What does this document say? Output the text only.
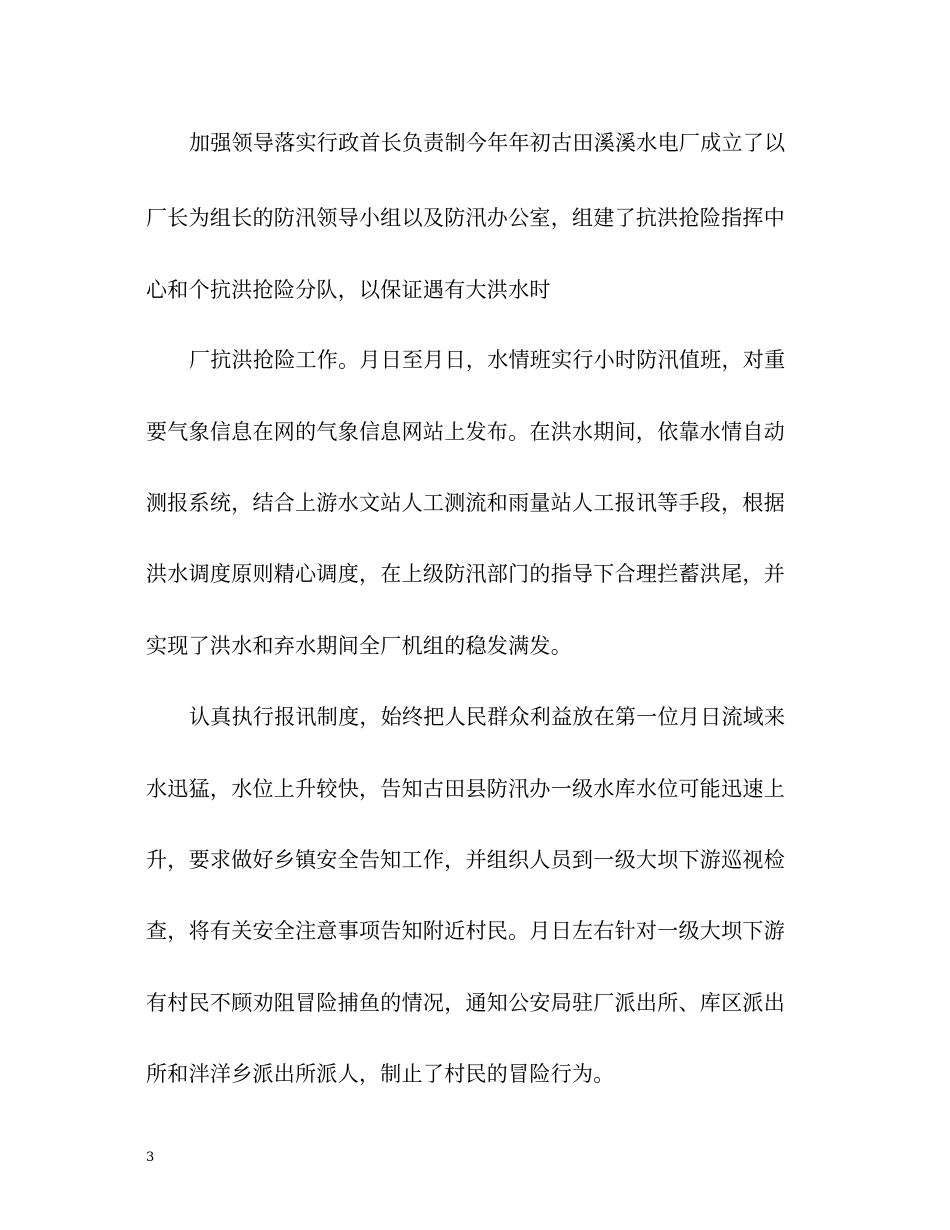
加强领导落实行政首长负责制今年年初古田溪溪水电厂成立了以
厂长为组长的防汛领导小组以及防汛办公室，组建了抗洪抢险指挥中
心和个抗洪抢险分队，以保证遇有大洪水时
厂抗洪抢险工作。月日至月日，水情班实行小时防汛值班，对重
要气象信息在网的气象信息网站上发布。在洪水期间，依靠水情自动
测报系统，结合上游水文站人工测流和雨量站人工报讯等手段，根据
洪水调度原则精心调度，在上级防汛部门的指导下合理拦蓄洪尾，并
实现了洪水和弃水期间全厂机组的稳发满发。
认真执行报讯制度，始终把人民群众利益放在第一位月日流域来
水迅猛，水位上升较快，告知古田县防汛办一级水库水位可能迅速上
升，要求做好乡镇安全告知工作，并组织人员到一级大坝下游巡视检
查，将有关安全注意事项告知附近村民。月日左右针对一级大坝下游
有村民不顾劝阻冒险捕鱼的情况，通知公安局驻厂派出所、库区派出
所和泮洋乡派出所派人，制止了村民的冒险行为。
3
